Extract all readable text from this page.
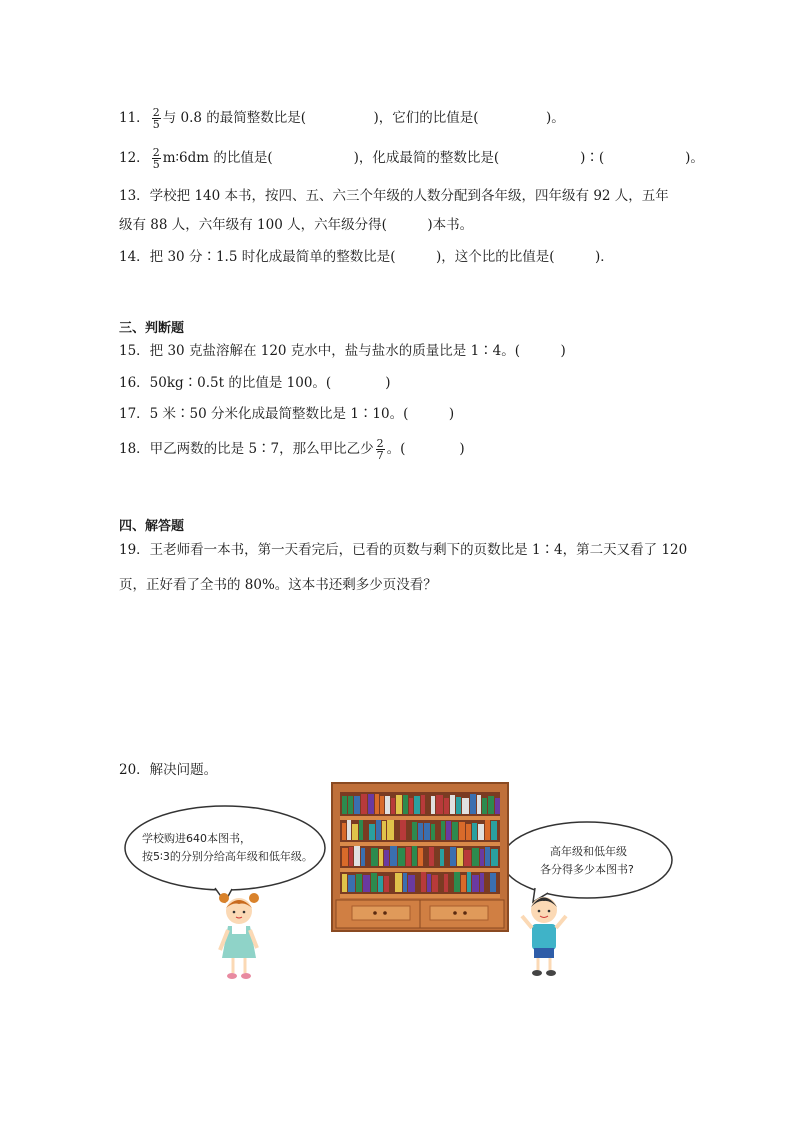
11． $\frac{2}{5}$ 与 0.8 的最简整数比是(　　　　　)，它们的比值是(　　　　　)。
12． $\frac{2}{5}$ m∶6dm 的比值是(　　　　　　)，化成最简的整数比是(　　　　　　)∶(　　　　　　)。
13．学校把 140 本书，按四、五、六三个年级的人数分配到各年级，四年级有 92 人，五年
级有 88 人，六年级有 100 人，六年级分得(　　　)本书。
14．把 30 分∶1.5 时化成最简单的整数比是(　　　)，这个比的比值是(　　　)．
三、判断题
15．把 30 克盐溶解在 120 克水中，盐与盐水的质量比是 1∶4。(　　　)
16．50kg∶0.5t 的比值是 100。(　　　　)
17．5 米∶50 分米化成最简整数比是 1∶10。(　　　)
18．甲乙两数的比是 5∶7，那么甲比乙少 $\frac{2}{7}$ 。(　　　　)
四、解答题
19．王老师看一本书，第一天看完后，已看的页数与剩下的页数比是 1∶4，第二天又看了 120
页，正好看了全书的 80%。这本书还剩多少页没看？
20．解决问题。
学校购进640本图书，
按5∶3的分别分给高年级和低年级。	高年级和低年级
各分得多少本图书?
